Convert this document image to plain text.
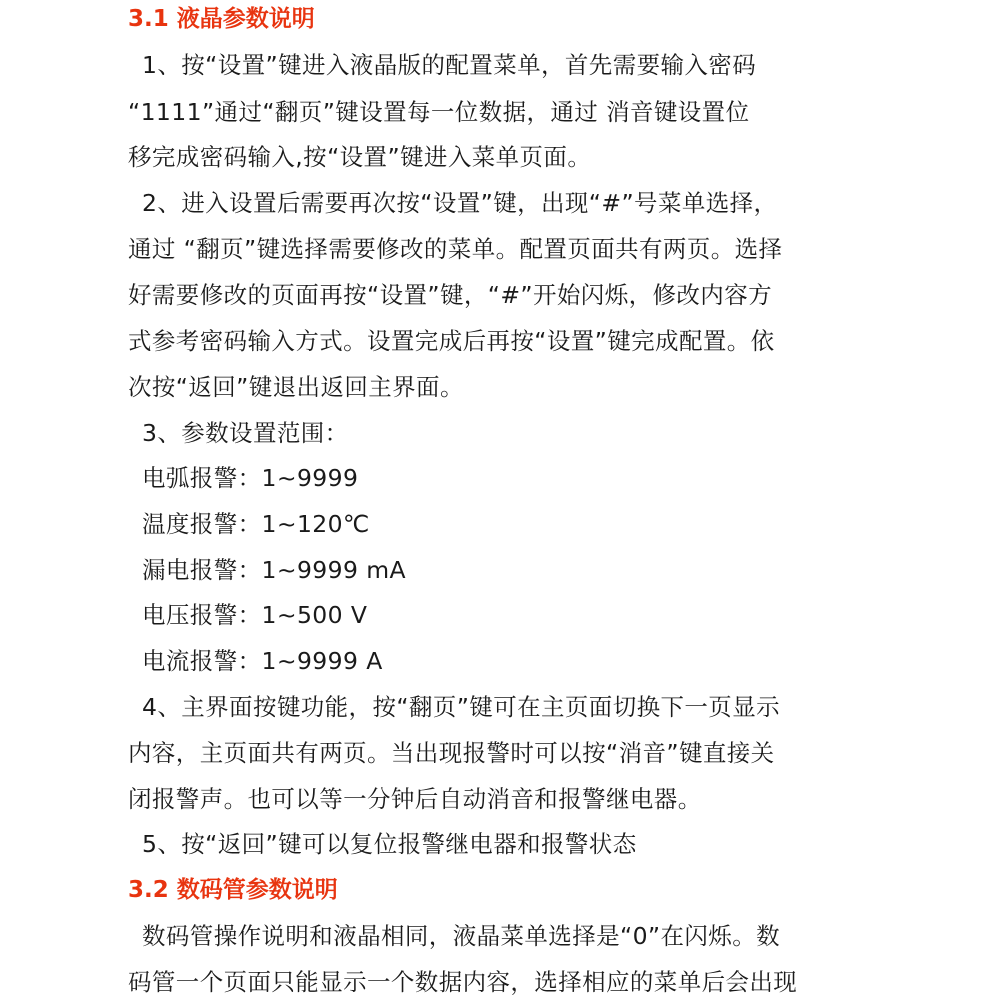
3.1 液晶参数说明
1、按“设置”键进入液晶版的配置菜单，首先需要输入密码
“1111”通过“翻页”键设置每一位数据，通过 消音键设置位
移完成密码输入,按“设置”键进入菜单页面。
2、进入设置后需要再次按“设置”键，出现“#”号菜单选择，
通过 “翻页”键选择需要修改的菜单。配置页面共有两页。选择
好需要修改的页面再按“设置”键，“#”开始闪烁，修改内容方
式参考密码输入方式。设置完成后再按“设置”键完成配置。依
次按“返回”键退出返回主界面。
3、参数设置范围：
电弧报警：1~9999
温度报警：1~120℃
漏电报警：1~9999 mA
电压报警：1~500 V
电流报警：1~9999 A
4、主界面按键功能，按“翻页”键可在主页面切换下一页显示
内容，主页面共有两页。当出现报警时可以按“消音”键直接关
闭报警声。也可以等一分钟后自动消音和报警继电器。
5、按“返回”键可以复位报警继电器和报警状态
3.2 数码管参数说明
数码管操作说明和液晶相同，液晶菜单选择是“0”在闪烁。数
码管一个页面只能显示一个数据内容，选择相应的菜单后会出现
